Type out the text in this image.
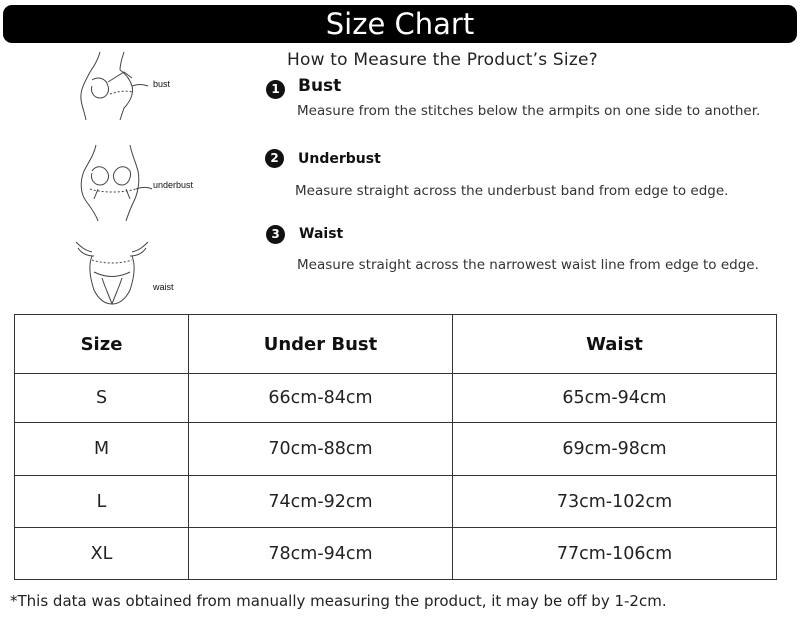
Size Chart
How to Measure the Product’s Size?
bust
underbust
waist
1	Bust
Measure from the stitches below the armpits on one side to another.
2	Underbust
Measure straight across the underbust band from edge to edge.
3	Waist
Measure straight across the narrowest waist line from edge to edge.
Size	Under Bust	Waist
S	66cm-84cm	65cm-94cm
M	70cm-88cm	69cm-98cm
L	74cm-92cm	73cm-102cm
XL	78cm-94cm	77cm-106cm
*This data was obtained from manually measuring the product, it may be off by 1-2cm.
